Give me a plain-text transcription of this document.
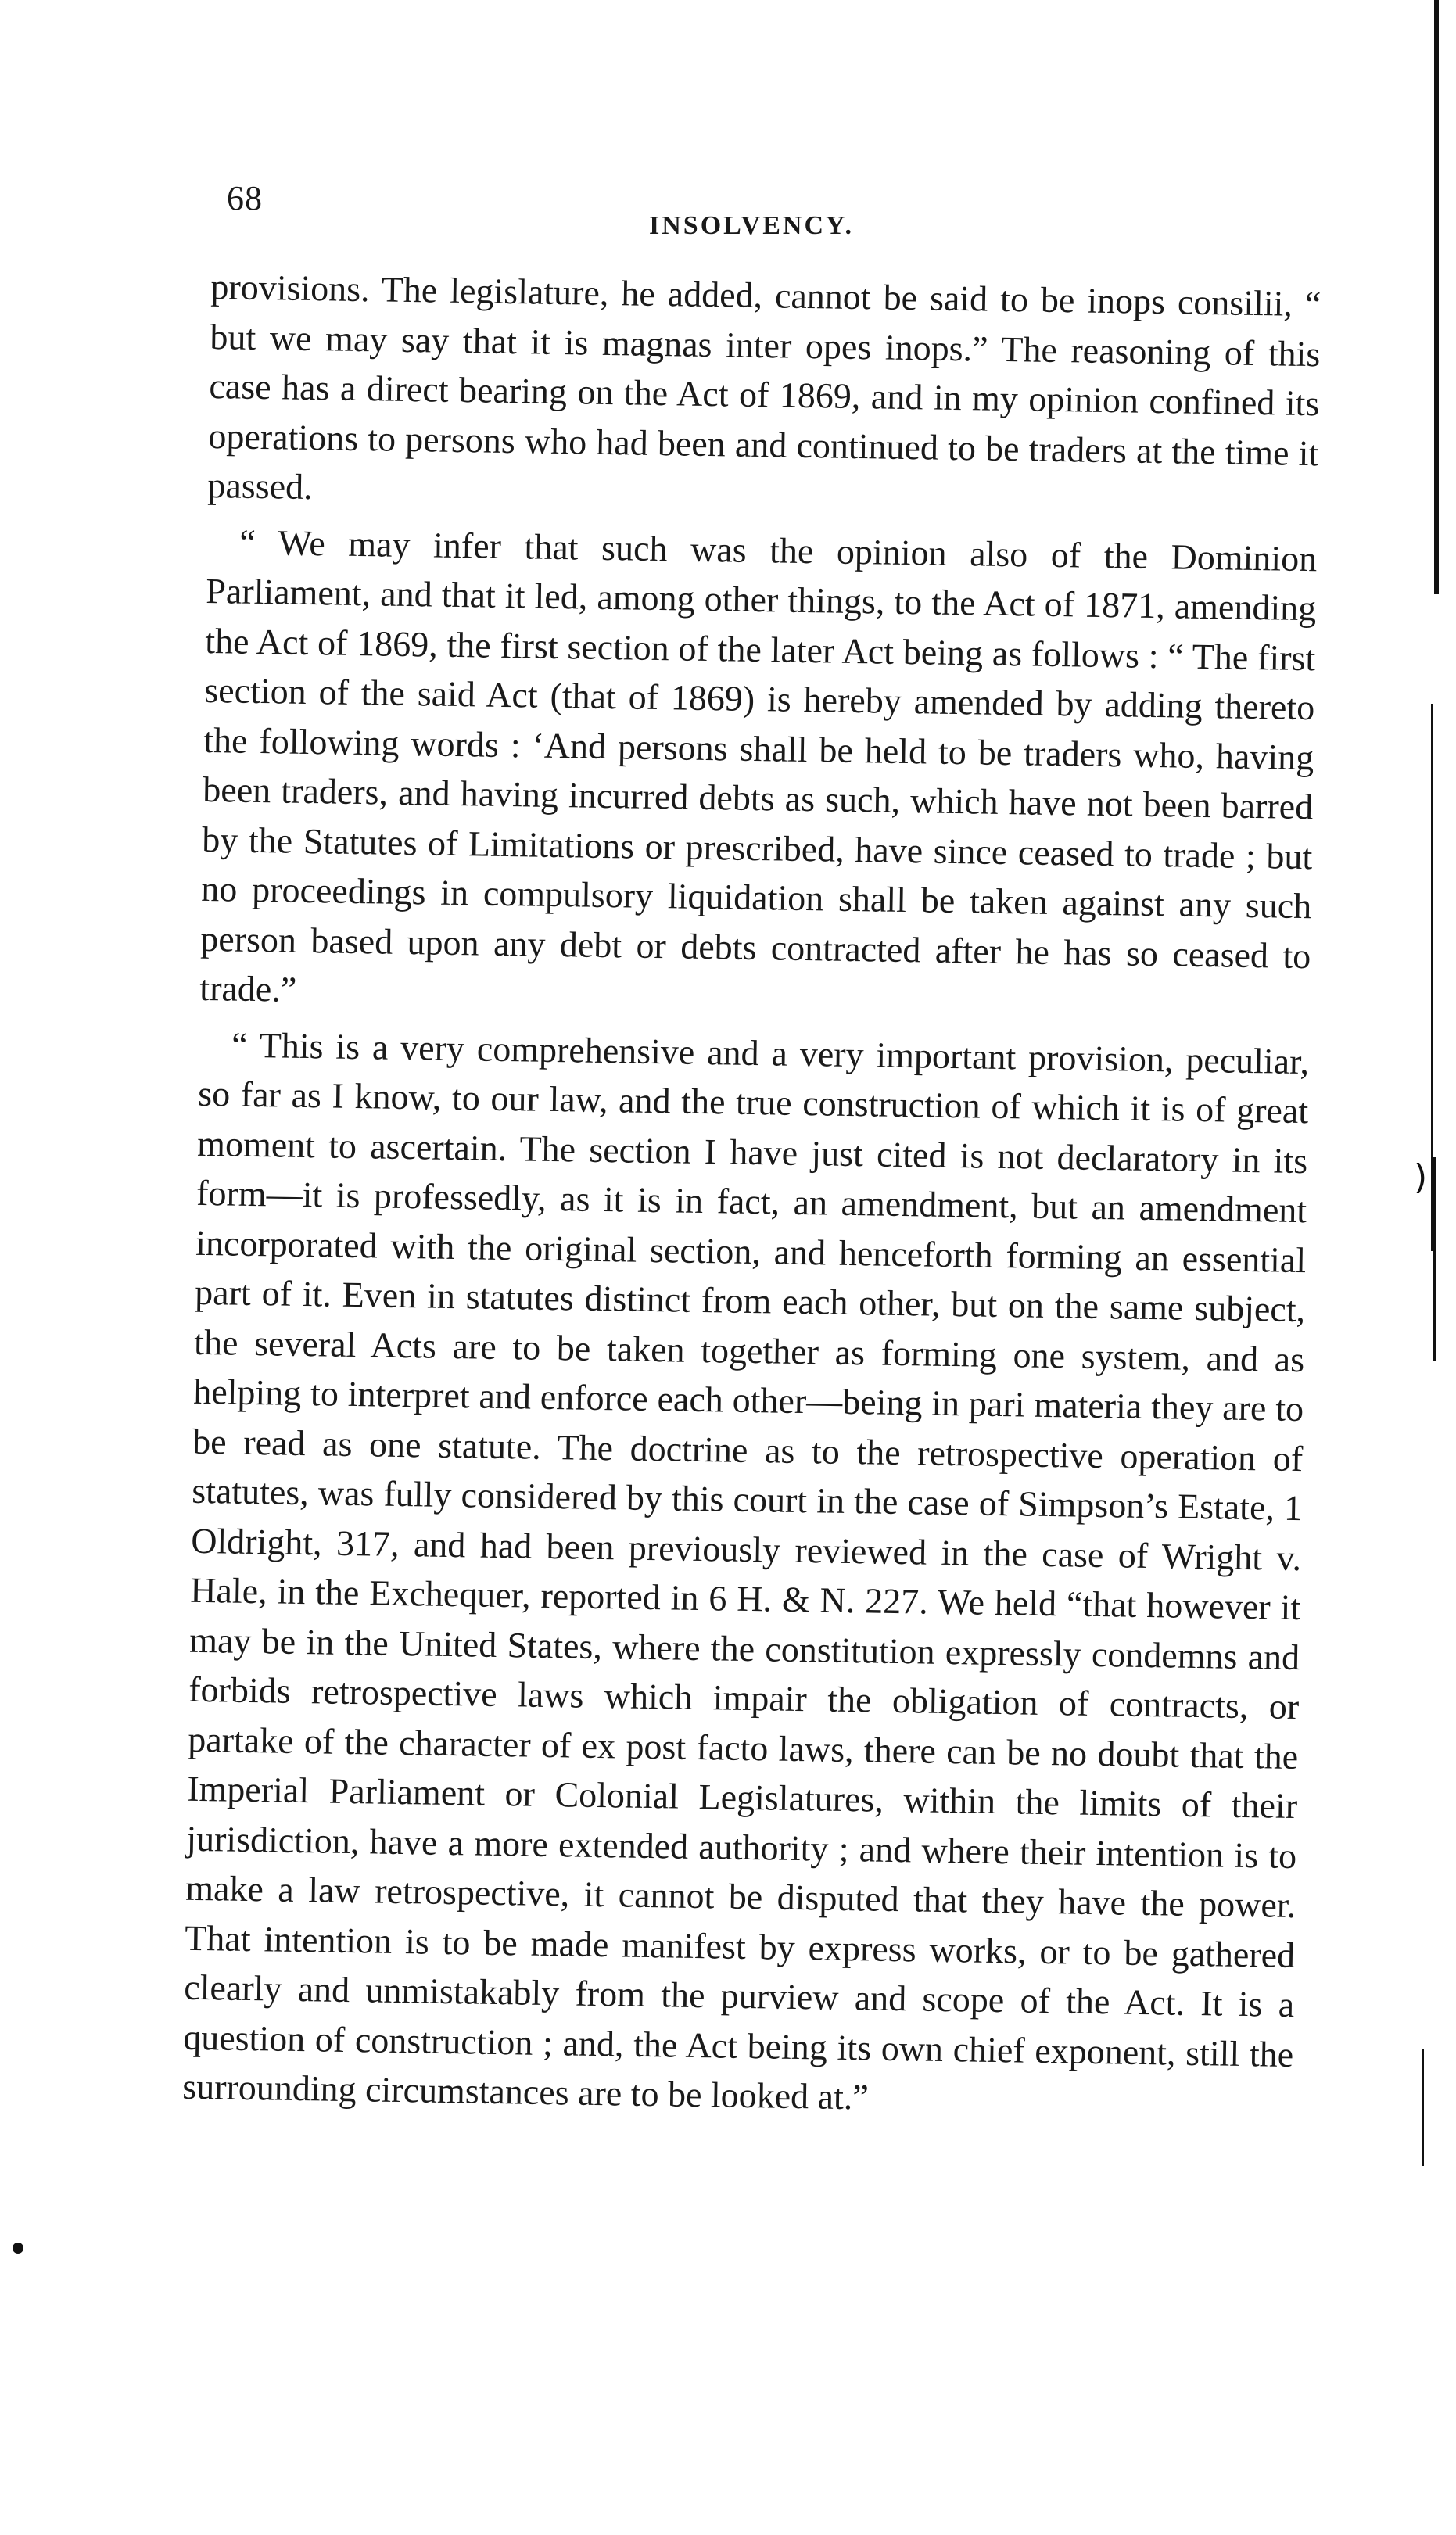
68
INSOLVENCY.

provisions. The legislature, he added, cannot be said to be inops consilii, “ but we may say that it is magnas inter opes inops.” The reasoning of this case has a direct bearing on the Act of 1869, and in my opinion confined its operations to persons who had been and continued to be traders at the time it passed.

“ We may infer that such was the opinion also of the Dominion Parliament, and that it led, among other things, to the Act of 1871, amending the Act of 1869, the first section of the later Act being as follows : “ The first section of the said Act (that of 1869) is hereby amended by adding thereto the following words : ‘And persons shall be held to be traders who, having been traders, and having incurred debts as such, which have not been barred by the Statutes of Limitations or prescribed, have since ceased to trade ; but no proceedings in compulsory liquidation shall be taken against any such person based upon any debt or debts contracted after he has so ceased to trade.”

“ This is a very comprehensive and a very important provision, peculiar, so far as I know, to our law, and the true construction of which it is of great moment to ascertain. The section I have just cited is not declaratory in its form—it is professedly, as it is in fact, an amendment, but an amendment incorporated with the original section, and henceforth forming an essential part of it. Even in statutes distinct from each other, but on the same subject, the several Acts are to be taken together as forming one system, and as helping to interpret and enforce each other—being in pari materia they are to be read as one statute. The doctrine as to the retrospective operation of statutes, was fully considered by this court in the case of Simpson’s Estate, 1 Oldright, 317, and had been previously reviewed in the case of Wright v. Hale, in the Exchequer, reported in 6 H. & N. 227. We held “that however it may be in the United States, where the constitution expressly condemns and forbids retrospective laws which impair the obligation of contracts, or partake of the character of ex post facto laws, there can be no doubt that the Imperial Parliament or Colonial Legislatures, within the limits of their jurisdiction, have a more extended authority ; and where their intention is to make a law retrospective, it cannot be disputed that they have the power. That intention is to be made manifest by express works, or to be gathered clearly and unmistakably from the purview and scope of the Act. It is a question of construction ; and, the Act being its own chief exponent, still the surrounding circumstances are to be looked at.”

)
